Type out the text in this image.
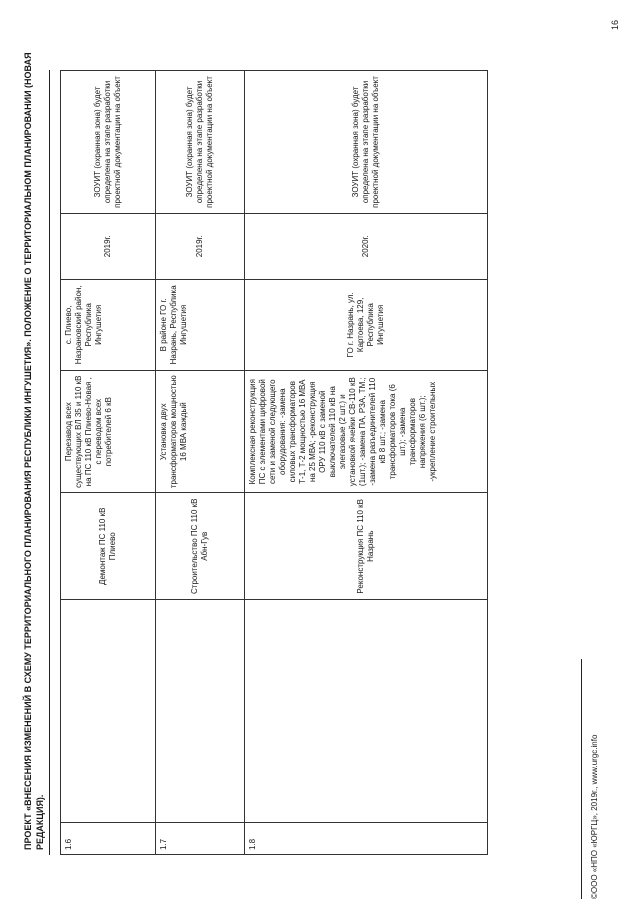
ПРОЕКТ «ВНЕСЕНИЯ ИЗМЕНЕНИЙ В СХЕМУ ТЕРРИТОРИАЛЬНОГО ПЛАНИРОВАНИЯ РЕСПУБЛИКИ ИНГУШЕТИЯ». ПОЛОЖЕНИЕ О ТЕРРИТОРИАЛЬНОМ ПЛАНИРОВАНИИ (НОВАЯ РЕДАКЦИЯ). 1.6		Демонтаж ПС 110 кВ Плиево	Перезавод всех существующих ВЛ 35 и 110 кВ на ПС 110 кВ Плиево-Новая , с переводом всех потребителей 6 кВ	с. Плиево, Назрановский район, Республика Ингушетия	2019г.	ЗОУИТ (охранная зона) будет определена на этапе разработки проектной документации на объект
1.7		Строительство ПС 110 кВ Абн-Гув	Установка двух трансформаторов мощностью 16 МВА каждый	В районе ГО г. Назрань, Республика Ингушетия	2019г.	ЗОУИТ (охранная зона) будет определена на этапе разработки проектной документации на объект
1.8		Реконструкция ПС 110 кВ Назрань	Комплексная реконструкция ПС с элементами цифровой сети и заменой следующего оборудования: -замена силовых трансформаторов Т-1, Т-2 мощностью 16 МВА на 25 МВА; -реконструкция ОРУ 110 кВ с заменой выключателей 110 кВ на элегазовые (2 шт.) и установкой ячейки СВ-110 кВ (1шт.); -замена ПА, РЗА, ТМ.; -замена разъединителей 110 кВ 8 шт.; -замена трансформаторов тока (6 шт.); -замена трансформаторов напряжения (6 шт.); -укрепление строительных	ГО г. Назрань, ул. Картоева, 129, Республика Ингушетия	2020г.	ЗОУИТ (охранная зона) будет определена на этапе разработки проектной документации на объект
©ООО «НПО «ЮРГЦ», 2019г., www.urgc.info
16
